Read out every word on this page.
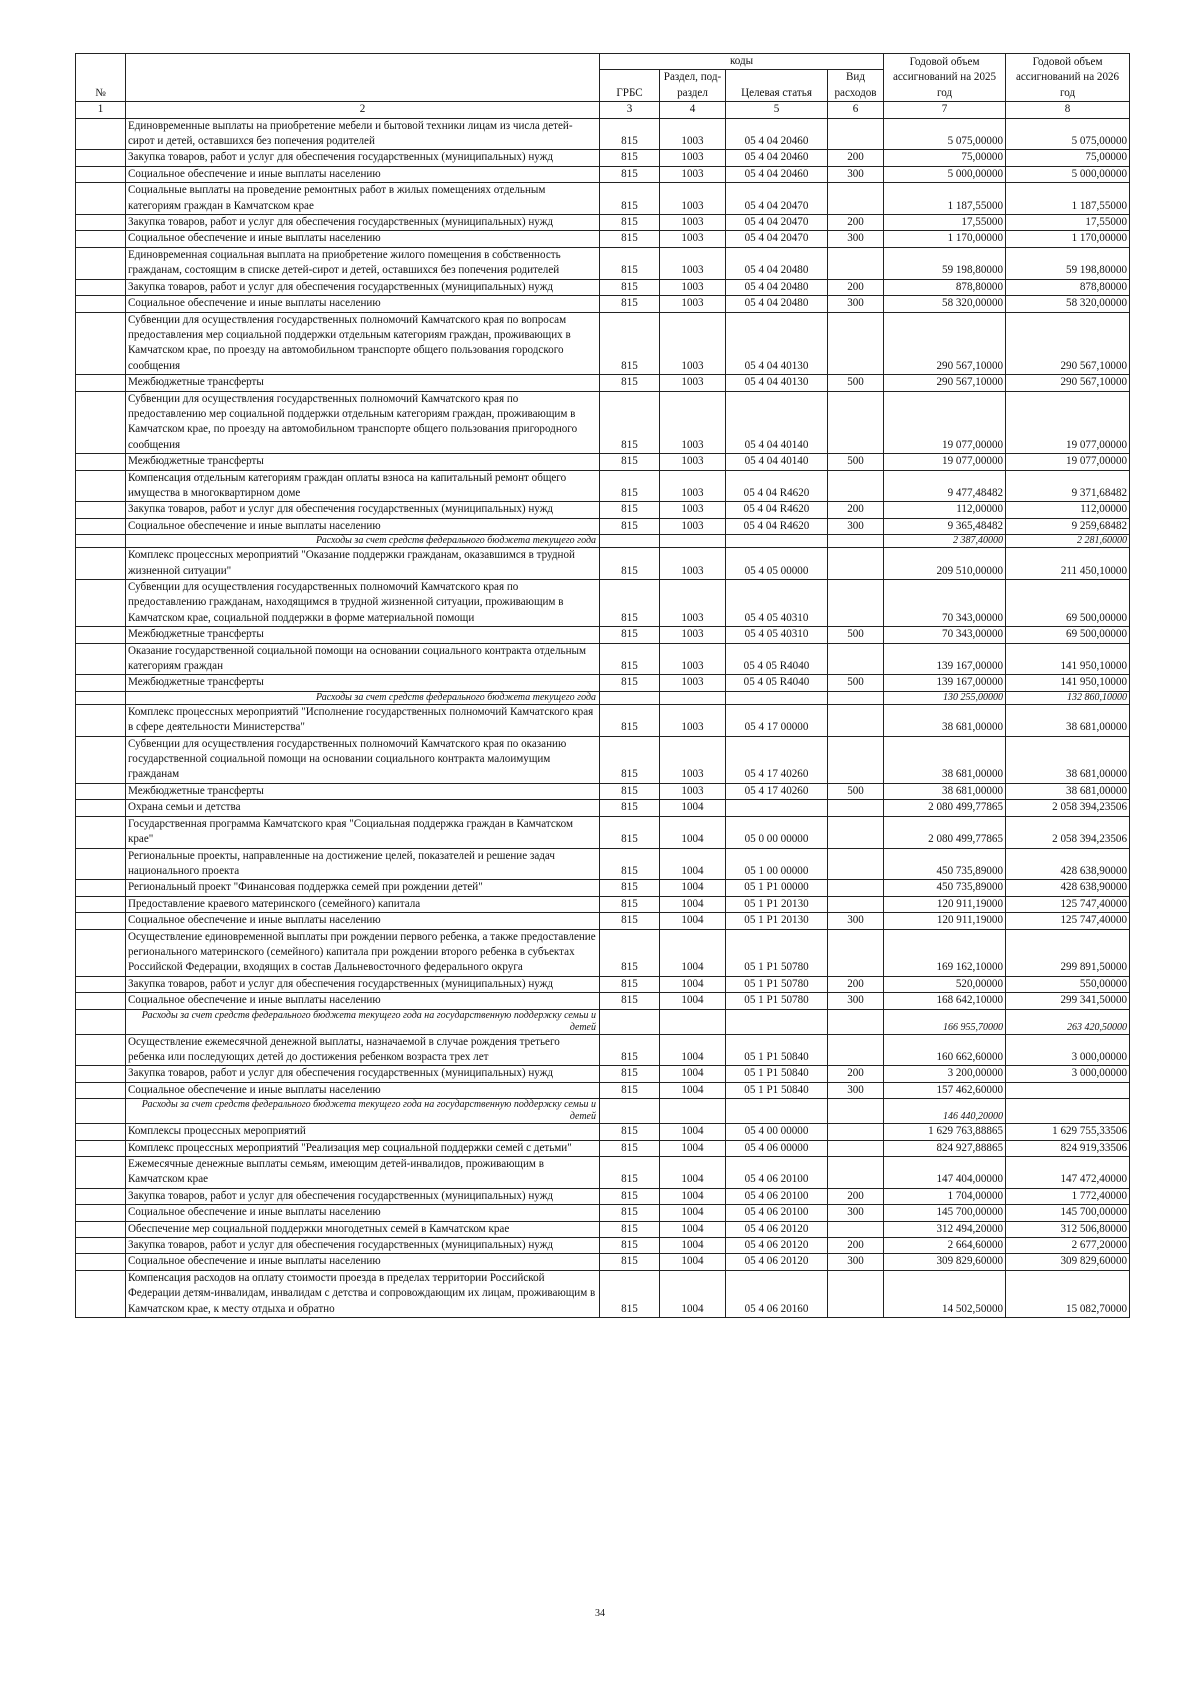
№		коды				Годовой объем ассигнований на 2025 год	Годовой объем ассигнований на 2026 год
		ГРБС	Раздел, под-раздел	Целевая статья	Вид расходов		
1	2	3	4	5	6	7	8
	Единовременные выплаты на приобретение мебели и бытовой техники лицам из числа детей-сирот и детей, оставшихся без попечения родителей	815	1003	05 4 04 20460		5 075,00000	5 075,00000
	Закупка товаров, работ и услуг для обеспечения государственных (муниципальных) нужд	815	1003	05 4 04 20460	200	75,00000	75,00000
	Социальное обеспечение и иные выплаты населению	815	1003	05 4 04 20460	300	5 000,00000	5 000,00000
	Социальные выплаты на проведение ремонтных работ в жилых помещениях отдельным категориям граждан в Камчатском крае	815	1003	05 4 04 20470		1 187,55000	1 187,55000
	Закупка товаров, работ и услуг для обеспечения государственных (муниципальных) нужд	815	1003	05 4 04 20470	200	17,55000	17,55000
	Социальное обеспечение и иные выплаты населению	815	1003	05 4 04 20470	300	1 170,00000	1 170,00000
	Единовременная социальная выплата на приобретение жилого помещения в собственность гражданам, состоящим в списке детей-сирот и детей, оставшихся без попечения родителей	815	1003	05 4 04 20480		59 198,80000	59 198,80000
	Закупка товаров, работ и услуг для обеспечения государственных (муниципальных) нужд	815	1003	05 4 04 20480	200	878,80000	878,80000
	Социальное обеспечение и иные выплаты населению	815	1003	05 4 04 20480	300	58 320,00000	58 320,00000
	Субвенции для осуществления государственных полномочий Камчатского края по вопросам предоставления мер социальной поддержки отдельным категориям граждан, проживающих в Камчатском крае, по проезду на автомобильном транспорте общего пользования городского сообщения	815	1003	05 4 04 40130		290 567,10000	290 567,10000
	Межбюджетные трансферты	815	1003	05 4 04 40130	500	290 567,10000	290 567,10000
	Субвенции для осуществления государственных полномочий Камчатского края по предоставлению мер социальной поддержки отдельным категориям граждан, проживающим в Камчатском крае, по проезду на автомобильном транспорте общего пользования пригородного сообщения	815	1003	05 4 04 40140		19 077,00000	19 077,00000
	Межбюджетные трансферты	815	1003	05 4 04 40140	500	19 077,00000	19 077,00000
	Компенсация отдельным категориям граждан оплаты взноса на капитальный ремонт общего имущества в многоквартирном доме	815	1003	05 4 04 R4620		9 477,48482	9 371,68482
	Закупка товаров, работ и услуг для обеспечения государственных (муниципальных) нужд	815	1003	05 4 04 R4620	200	112,00000	112,00000
	Социальное обеспечение и иные выплаты населению	815	1003	05 4 04 R4620	300	9 365,48482	9 259,68482
	Расходы за счет средств федерального бюджета текущего года					2 387,40000	2 281,60000
	Комплекс процессных мероприятий "Оказание поддержки гражданам, оказавшимся в трудной жизненной ситуации"	815	1003	05 4 05 00000		209 510,00000	211 450,10000
	Субвенции для осуществления государственных полномочий Камчатского края по предоставлению гражданам, находящимся в трудной жизненной ситуации, проживающим в Камчатском крае, социальной поддержки в форме материальной помощи	815	1003	05 4 05 40310		70 343,00000	69 500,00000
	Межбюджетные трансферты	815	1003	05 4 05 40310	500	70 343,00000	69 500,00000
	Оказание государственной социальной помощи на основании социального контракта отдельным категориям граждан	815	1003	05 4 05 R4040		139 167,00000	141 950,10000
	Межбюджетные трансферты	815	1003	05 4 05 R4040	500	139 167,00000	141 950,10000
	Расходы за счет средств федерального бюджета текущего года					130 255,00000	132 860,10000
	Комплекс процессных мероприятий "Исполнение государственных полномочий Камчатского края в сфере деятельности Министерства"	815	1003	05 4 17 00000		38 681,00000	38 681,00000
	Субвенции для осуществления государственных полномочий Камчатского края по оказанию государственной социальной помощи на основании социального контракта малоимущим гражданам	815	1003	05 4 17 40260		38 681,00000	38 681,00000
	Межбюджетные трансферты	815	1003	05 4 17 40260	500	38 681,00000	38 681,00000
	Охрана семьи и детства	815	1004			2 080 499,77865	2 058 394,23506
	Государственная программа Камчатского края "Социальная поддержка граждан в Камчатском крае"	815	1004	05 0 00 00000		2 080 499,77865	2 058 394,23506
	Региональные проекты, направленные на достижение целей, показателей и решение задач национального проекта	815	1004	05 1 00 00000		450 735,89000	428 638,90000
	Региональный проект "Финансовая поддержка семей при рождении детей"	815	1004	05 1 P1 00000		450 735,89000	428 638,90000
	Предоставление краевого материнского (семейного) капитала	815	1004	05 1 P1 20130		120 911,19000	125 747,40000
	Социальное обеспечение и иные выплаты населению	815	1004	05 1 P1 20130	300	120 911,19000	125 747,40000
	Осуществление единовременной выплаты при рождении первого ребенка, а также предоставление регионального материнского (семейного) капитала при рождении второго ребенка в субъектах Российской Федерации, входящих в состав Дальневосточного федерального округа	815	1004	05 1 P1 50780		169 162,10000	299 891,50000
	Закупка товаров, работ и услуг для обеспечения государственных (муниципальных) нужд	815	1004	05 1 P1 50780	200	520,00000	550,00000
	Социальное обеспечение и иные выплаты населению	815	1004	05 1 P1 50780	300	168 642,10000	299 341,50000
	Расходы за счет средств федерального бюджета текущего года на государственную поддержку семьи и детей					166 955,70000	263 420,50000
	Осуществление ежемесячной денежной выплаты, назначаемой в случае рождения третьего ребенка или последующих детей до достижения ребенком возраста трех лет	815	1004	05 1 P1 50840		160 662,60000	3 000,00000
	Закупка товаров, работ и услуг для обеспечения государственных (муниципальных) нужд	815	1004	05 1 P1 50840	200	3 200,00000	3 000,00000
	Социальное обеспечение и иные выплаты населению	815	1004	05 1 P1 50840	300	157 462,60000	
	Расходы за счет средств федерального бюджета текущего года на государственную поддержку семьи и детей					146 440,20000	
	Комплексы процессных мероприятий	815	1004	05 4 00 00000		1 629 763,88865	1 629 755,33506
	Комплекс процессных мероприятий "Реализация мер социальной поддержки семей с детьми"	815	1004	05 4 06 00000		824 927,88865	824 919,33506
	Ежемесячные денежные выплаты семьям, имеющим детей-инвалидов, проживающим в Камчатском крае	815	1004	05 4 06 20100		147 404,00000	147 472,40000
	Закупка товаров, работ и услуг для обеспечения государственных (муниципальных) нужд	815	1004	05 4 06 20100	200	1 704,00000	1 772,40000
	Социальное обеспечение и иные выплаты населению	815	1004	05 4 06 20100	300	145 700,00000	145 700,00000
	Обеспечение мер социальной поддержки многодетных семей в Камчатском крае	815	1004	05 4 06 20120		312 494,20000	312 506,80000
	Закупка товаров, работ и услуг для обеспечения государственных (муниципальных) нужд	815	1004	05 4 06 20120	200	2 664,60000	2 677,20000
	Социальное обеспечение и иные выплаты населению	815	1004	05 4 06 20120	300	309 829,60000	309 829,60000
	Компенсация расходов на оплату стоимости проезда в пределах территории Российской Федерации детям-инвалидам, инвалидам с детства и сопровождающим их лицам, проживающим в Камчатском крае, к месту отдыха и обратно	815	1004	05 4 06 20160		14 502,50000	15 082,70000
34
